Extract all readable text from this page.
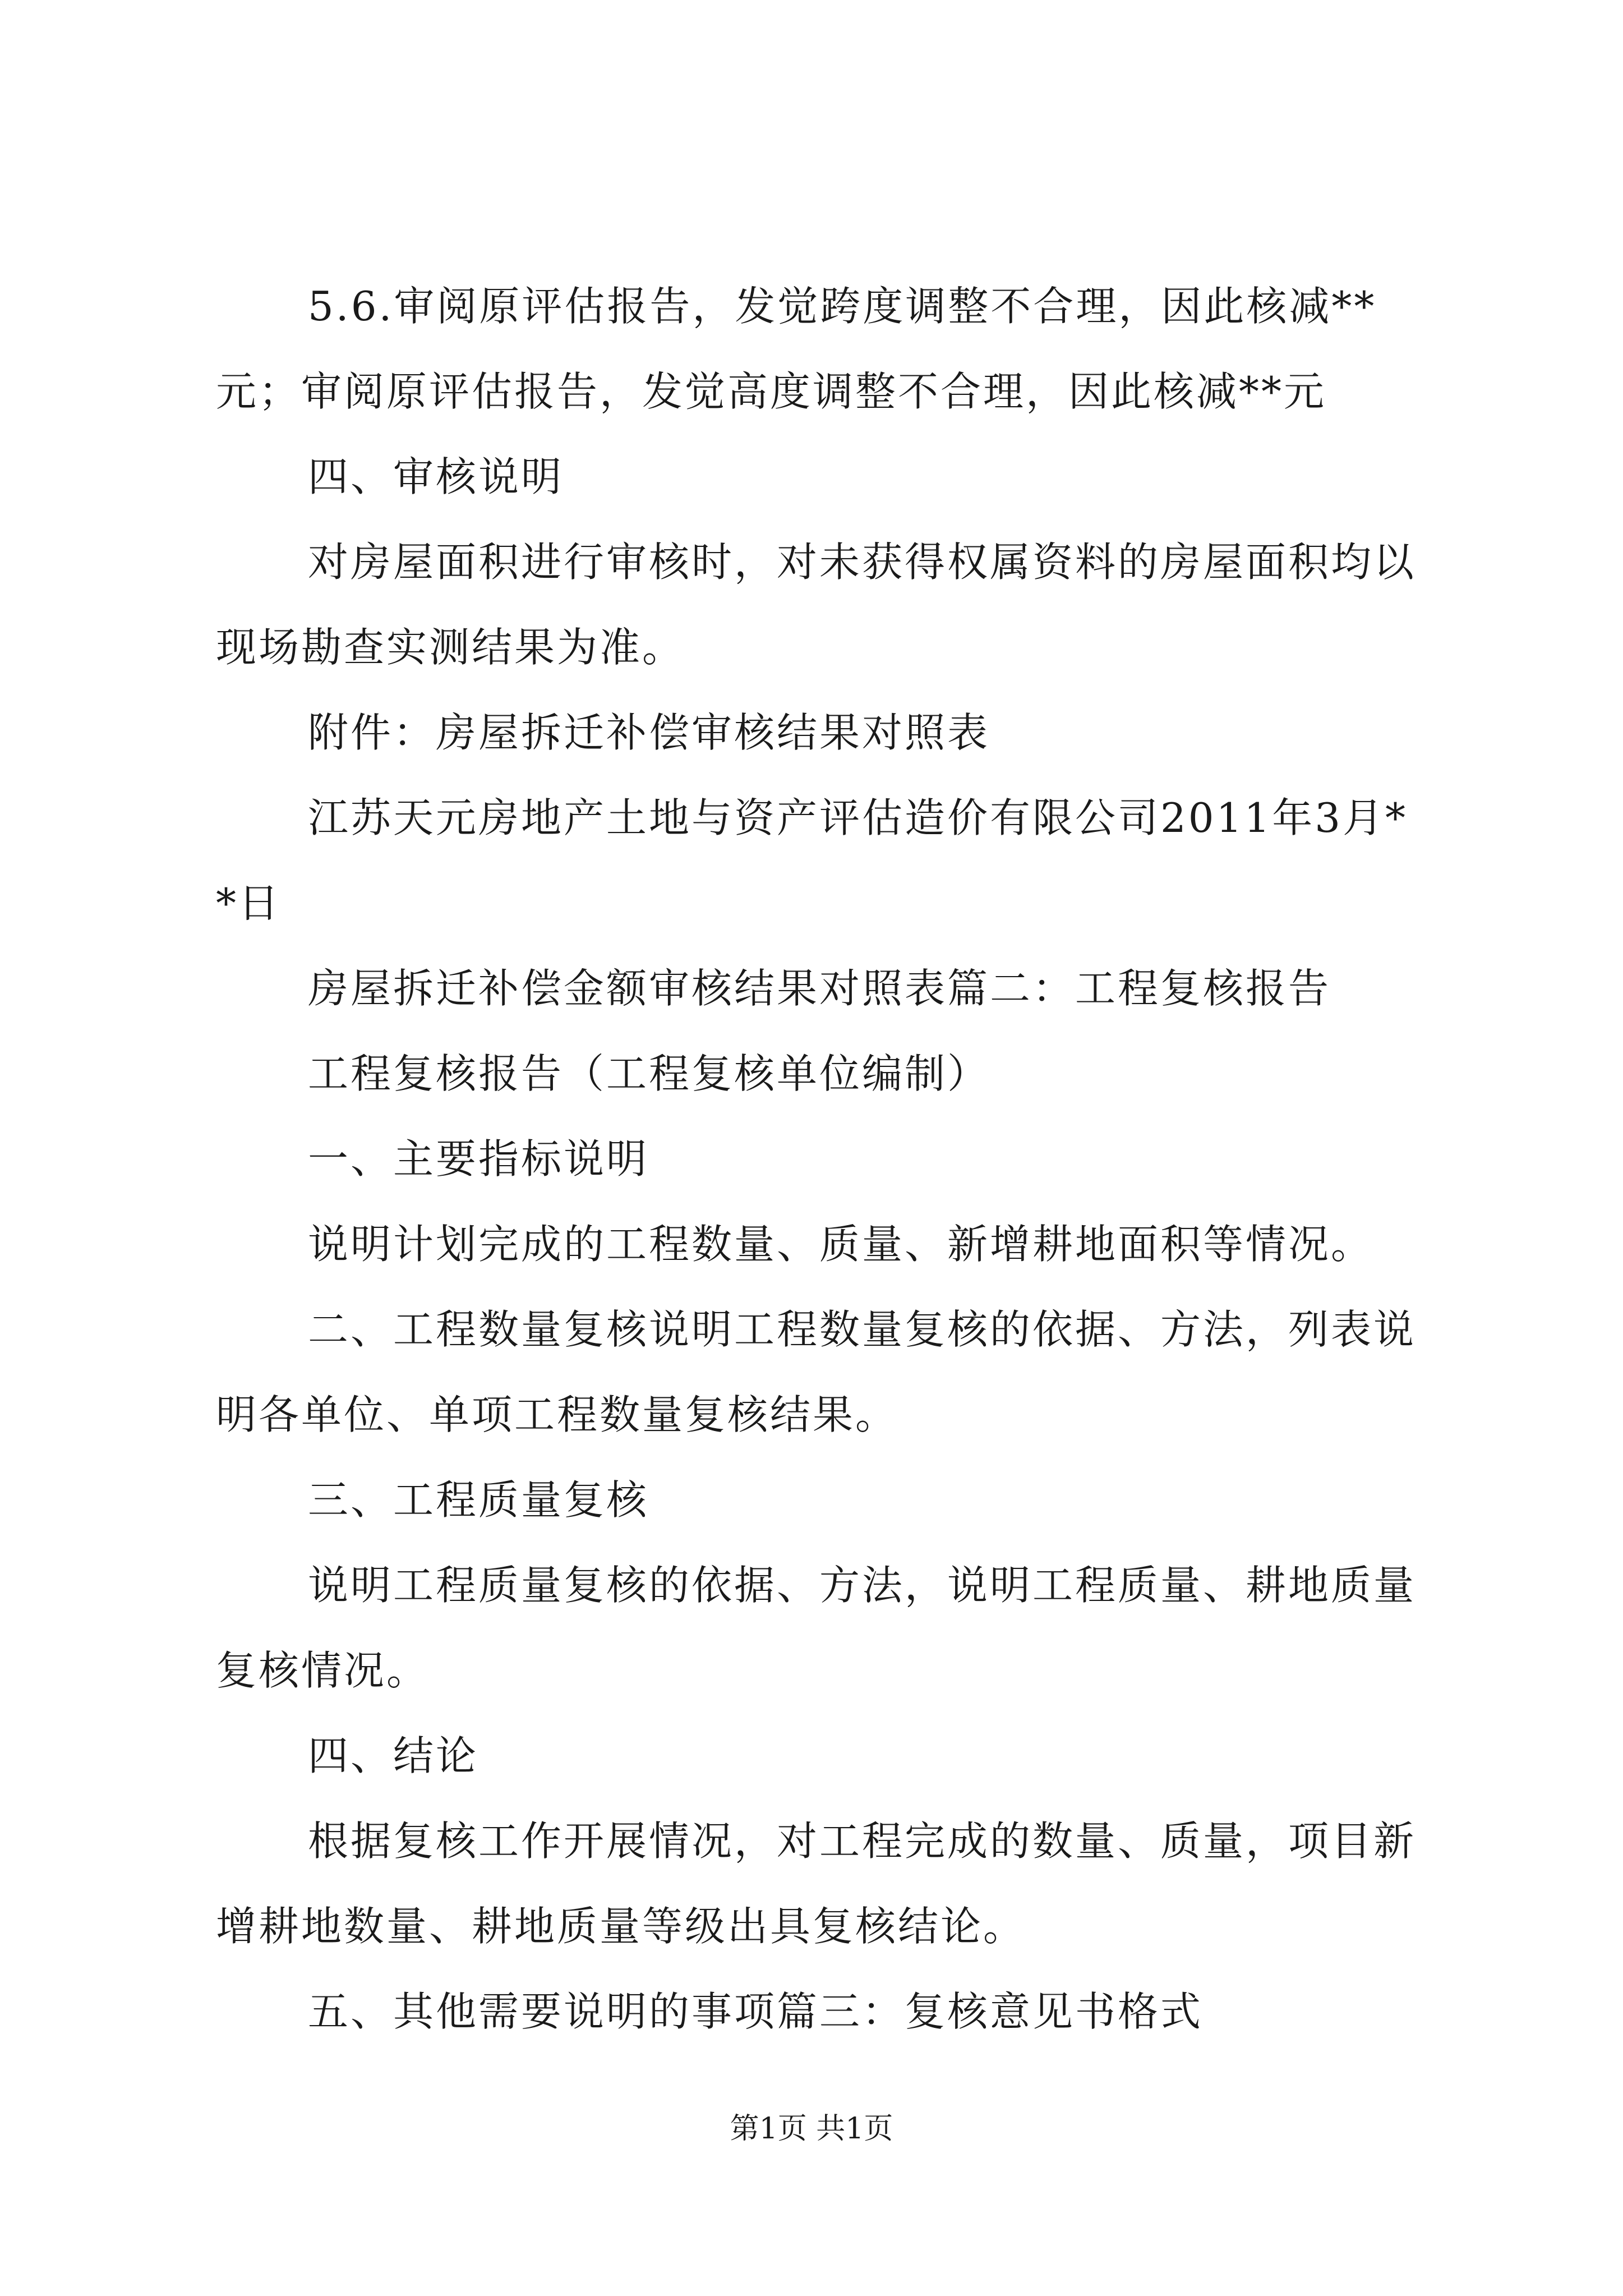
5.6.审阅原评估报告，发觉跨度调整不合理，因此核减**元；审阅原评估报告，发觉高度调整不合理，因此核减**元

四、审核说明

对房屋面积进行审核时，对未获得权属资料的房屋面积均以现场勘查实测结果为准。

附件：房屋拆迁补偿审核结果对照表

江苏天元房地产土地与资产评估造价有限公司2011年3月**日

房屋拆迁补偿金额审核结果对照表篇二：工程复核报告

工程复核报告（工程复核单位编制）

一、主要指标说明

说明计划完成的工程数量、质量、新增耕地面积等情况。

二、工程数量复核说明工程数量复核的依据、方法，列表说明各单位、单项工程数量复核结果。

三、工程质量复核

说明工程质量复核的依据、方法，说明工程质量、耕地质量复核情况。

四、结论

根据复核工作开展情况，对工程完成的数量、质量，项目新增耕地数量、耕地质量等级出具复核结论。

五、其他需要说明的事项篇三：复核意见书格式

第1页 共1页
